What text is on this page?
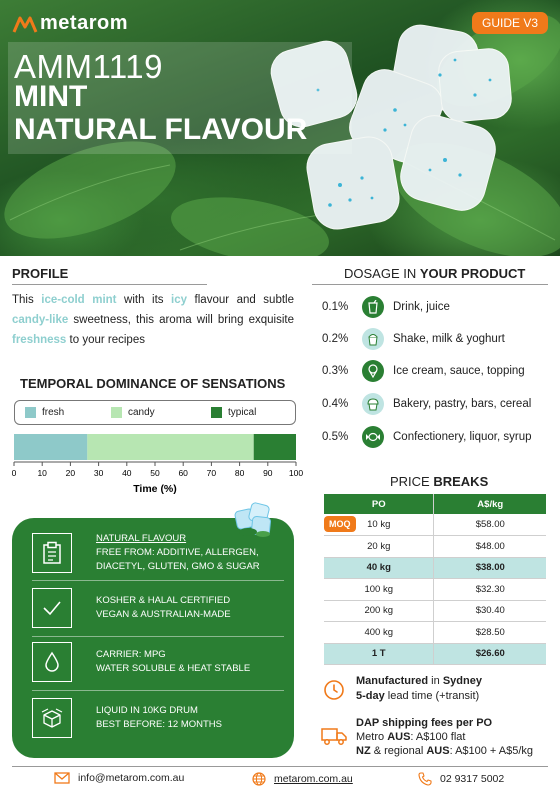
metarom	GUIDE V3
AMM1119
MINT
NATURAL FLAVOUR
PROFILE
This ice-cold mint with its icy flavour and subtle candy-like sweetness, this aroma will bring exquisite freshness to your recipes
TEMPORAL DOMINANCE OF SENSATIONS
fresh	candy	typical
0 10 20 30 40 50 60 70 80 90 100
Time (%)
NATURAL FLAVOUR
FREE FROM: ADDITIVE, ALLERGEN,
DIACETYL, GLUTEN, GMO & SUGAR
KOSHER & HALAL CERTIFIED
VEGAN & AUSTRALIAN-MADE
CARRIER: MPG
WATER SOLUBLE & HEAT STABLE
LIQUID IN 10KG DRUM
BEST BEFORE: 12 MONTHS
DOSAGE IN YOUR PRODUCT
0.1%	Drink, juice
0.2%	Shake, milk & yoghurt
0.3%	Ice cream, sauce, topping
0.4%	Bakery, pastry, bars, cereal
0.5%	Confectionery, liquor, syrup
PRICE BREAKS
PO	A$/kg
10 kg	$58.00
20 kg	$48.00
40 kg	$38.00
100 kg	$32.30
200 kg	$30.40
400 kg	$28.50
1 T	$26.60
MOQ
Manufactured in Sydney
5-day lead time (+transit)
DAP shipping fees per PO
Metro AUS: A$100 flat
NZ & regional AUS: A$100 + A$5/kg
info@metarom.com.au	metarom.com.au	02 9317 5002
